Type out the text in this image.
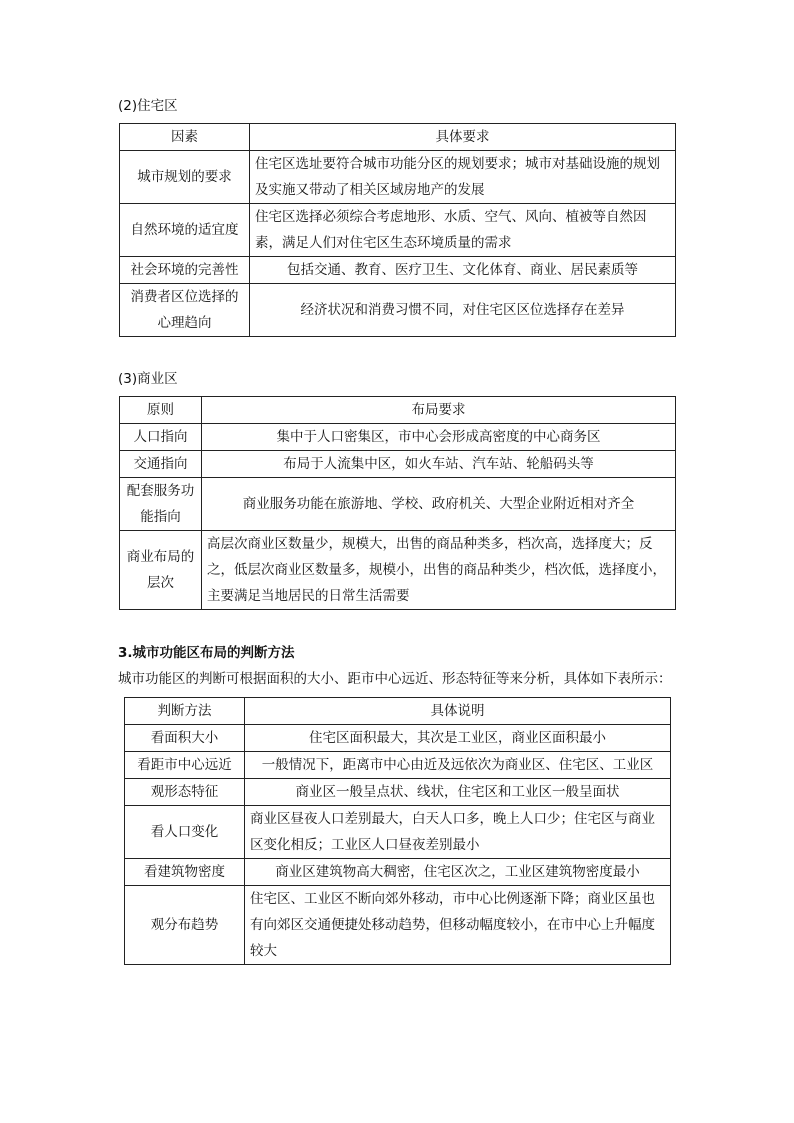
(2)住宅区
因素	具体要求
城市规划的要求	住宅区选址要符合城市功能分区的规划要求；城市对基础设施的规划及实施又带动了相关区域房地产的发展
自然环境的适宜度	住宅区选择必须综合考虑地形、水质、空气、风向、植被等自然因素，满足人们对住宅区生态环境质量的需求
社会环境的完善性	包括交通、教育、医疗卫生、文化体育、商业、居民素质等
消费者区位选择的心理趋向	经济状况和消费习惯不同，对住宅区区位选择存在差异
(3)商业区
原则	布局要求
人口指向	集中于人口密集区，市中心会形成高密度的中心商务区
交通指向	布局于人流集中区，如火车站、汽车站、轮船码头等
配套服务功能指向	商业服务功能在旅游地、学校、政府机关、大型企业附近相对齐全
商业布局的层次	高层次商业区数量少，规模大，出售的商品种类多，档次高，选择度大；反之，低层次商业区数量多，规模小，出售的商品种类少，档次低，选择度小，主要满足当地居民的日常生活需要
3.城市功能区布局的判断方法
城市功能区的判断可根据面积的大小、距市中心远近、形态特征等来分析，具体如下表所示：
判断方法	具体说明
看面积大小	住宅区面积最大，其次是工业区，商业区面积最小
看距市中心远近	一般情况下，距离市中心由近及远依次为商业区、住宅区、工业区
观形态特征	商业区一般呈点状、线状，住宅区和工业区一般呈面状
看人口变化	商业区昼夜人口差别最大，白天人口多，晚上人口少；住宅区与商业区变化相反；工业区人口昼夜差别最小
看建筑物密度	商业区建筑物高大稠密，住宅区次之，工业区建筑物密度最小
观分布趋势	住宅区、工业区不断向郊外移动，市中心比例逐渐下降；商业区虽也有向郊区交通便捷处移动趋势，但移动幅度较小，在市中心上升幅度较大
